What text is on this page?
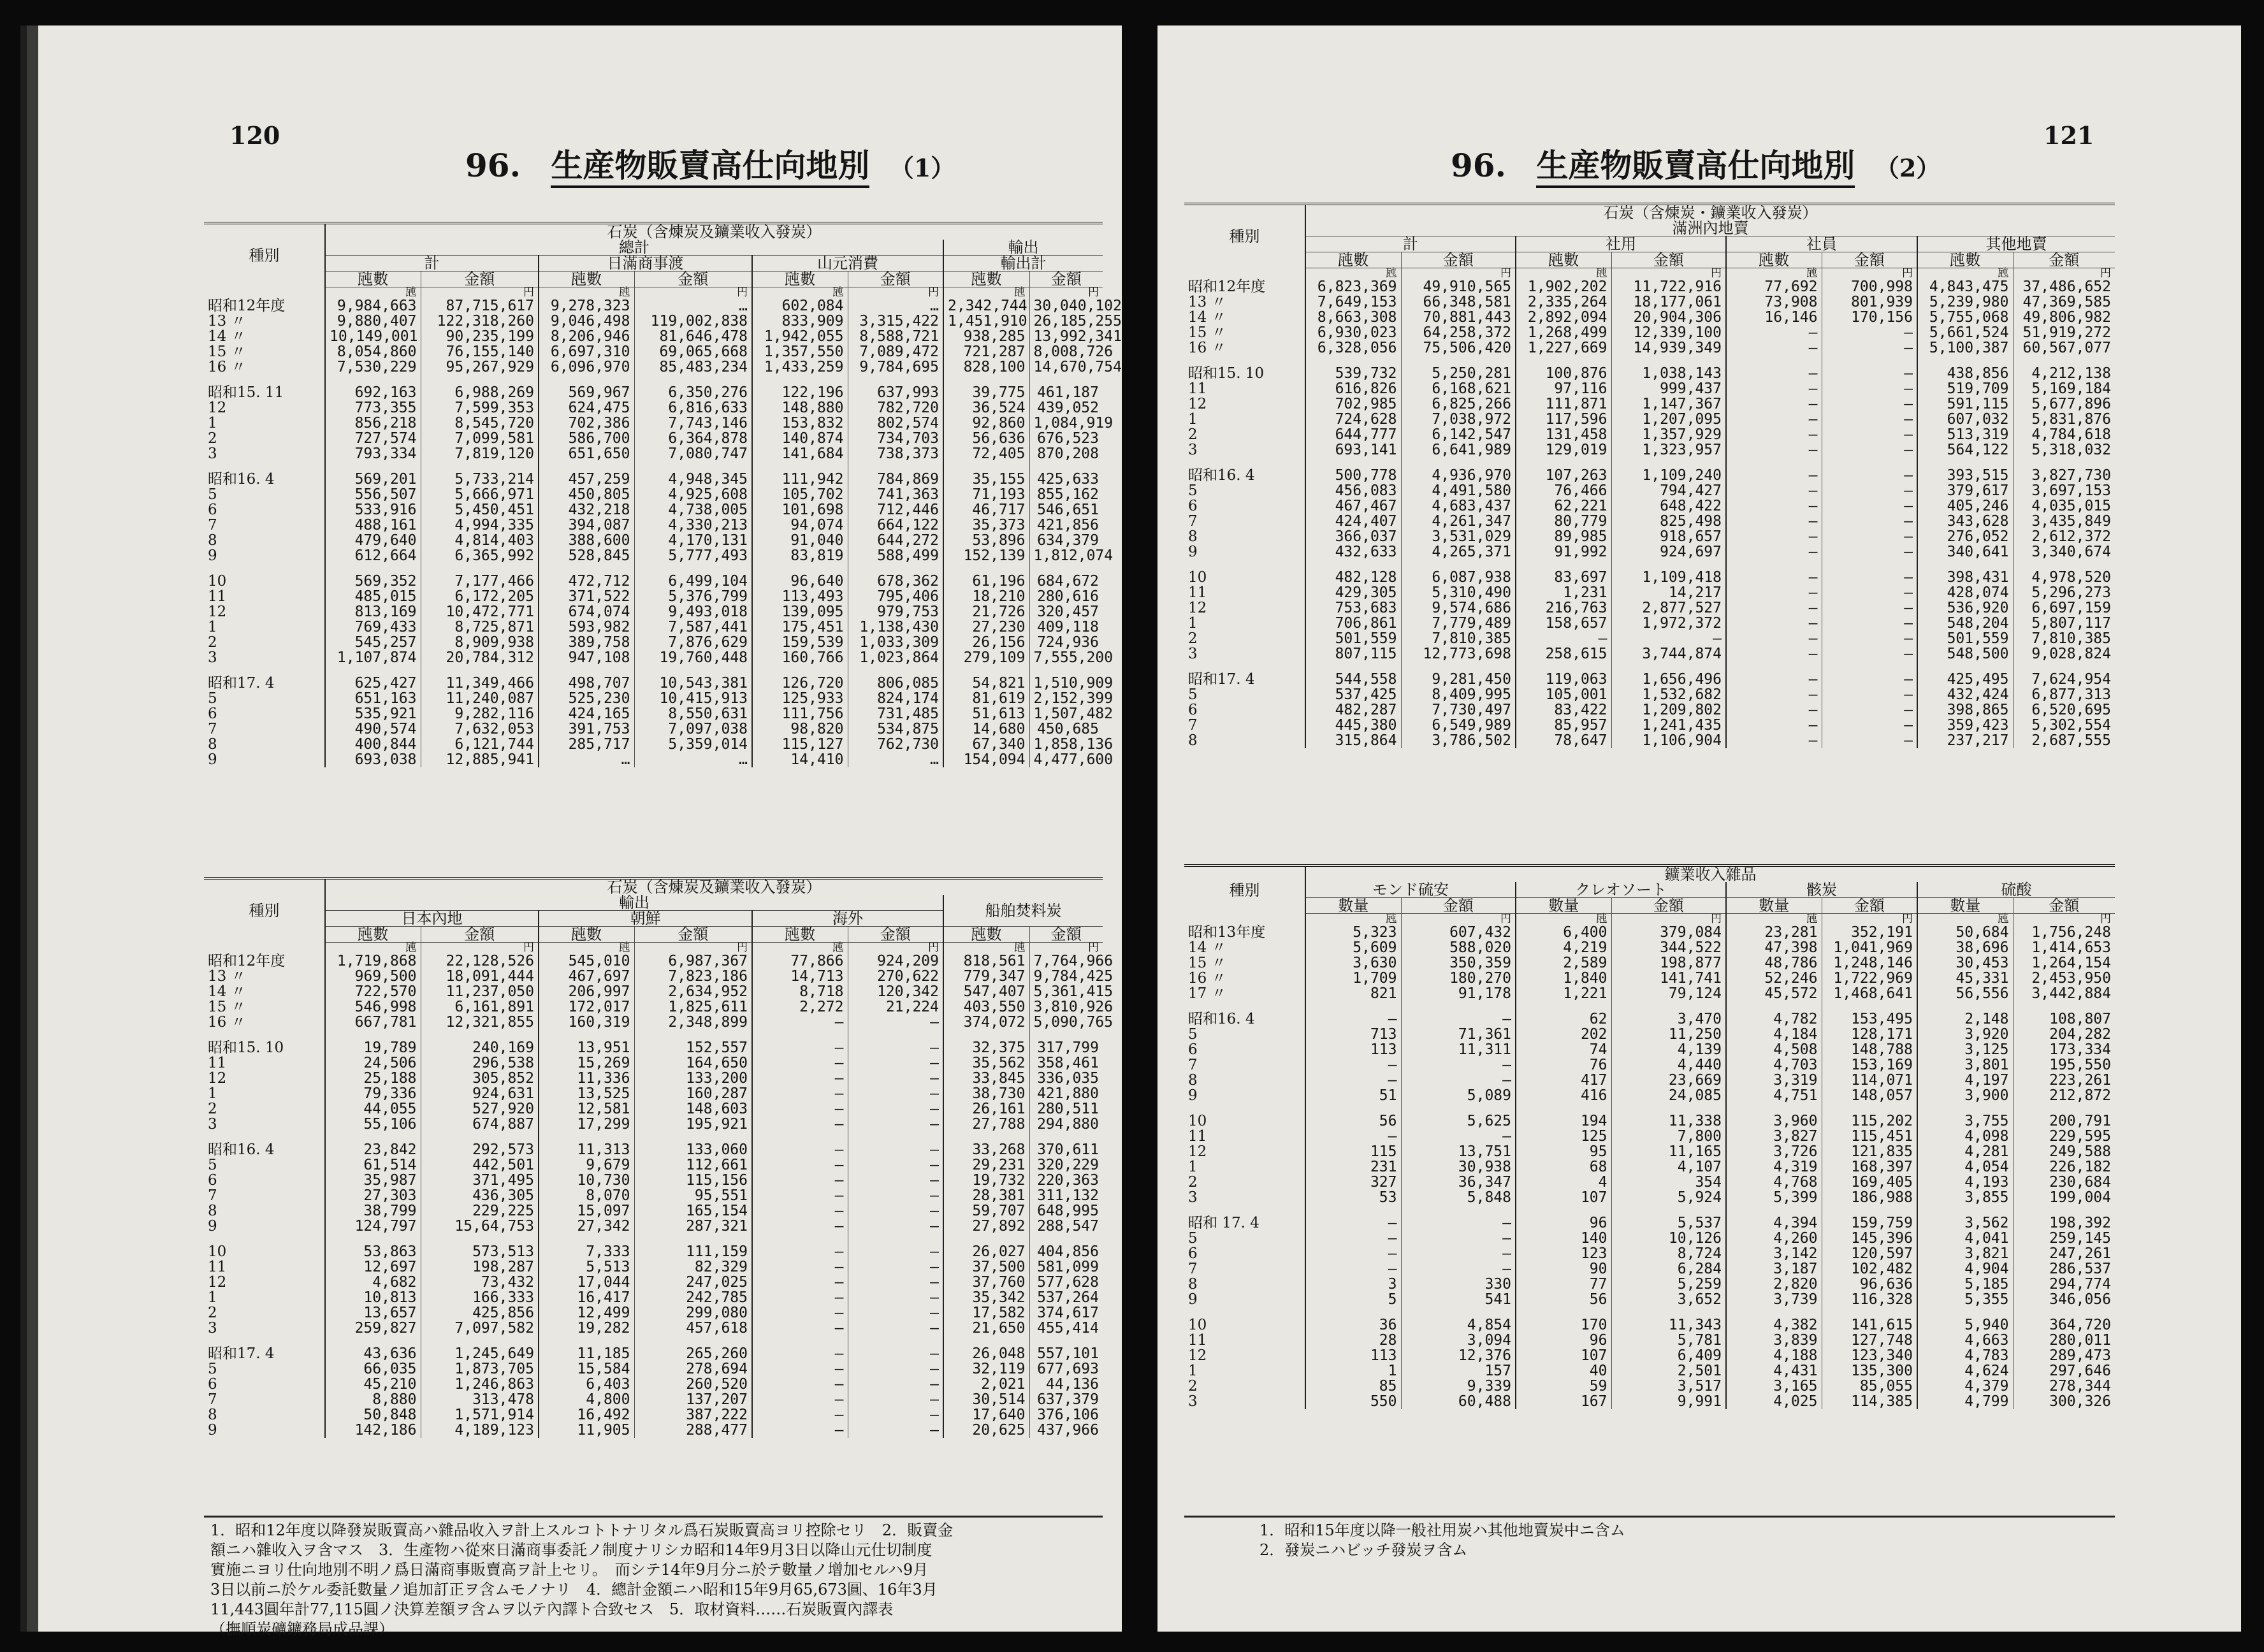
120
96. 生産物販賣高仕向地別 （1）
種別	石炭（含煉炭及鑛業收入發炭）							
	總計						輸出	
	計		日滿商事渡		山元消費		輸出計	
	瓲數	金額	瓲數	金額	瓲數	金額	瓲數	金額
	瓲	円	瓲	円	瓲	円	瓲	円
昭和12年度	9,984,663	87,715,617	9,278,323	…	602,084	…	2,342,744	30,040,102
13 〃	9,880,407	122,318,260	9,046,498	119,002,838	833,909	3,315,422	1,451,910	26,185,255
14 〃	10,149,001	90,235,199	8,206,946	81,646,478	1,942,055	8,588,721	938,285	13,992,341
15 〃	8,054,860	76,155,140	6,697,310	69,065,668	1,357,550	7,089,472	721,287	8,008,726
16 〃	7,530,229	95,267,929	6,096,970	85,483,234	1,433,259	9,784,695	828,100	14,670,754

昭和15. 11	692,163	6,988,269	569,967	6,350,276	122,196	637,993	39,775	461,187
12	773,355	7,599,353	624,475	6,816,633	148,880	782,720	36,524	439,052
1	856,218	8,545,720	702,386	7,743,146	153,832	802,574	92,860	1,084,919
2	727,574	7,099,581	586,700	6,364,878	140,874	734,703	56,636	676,523
3	793,334	7,819,120	651,650	7,080,747	141,684	738,373	72,405	870,208

昭和16. 4	569,201	5,733,214	457,259	4,948,345	111,942	784,869	35,155	425,633
5	556,507	5,666,971	450,805	4,925,608	105,702	741,363	71,193	855,162
6	533,916	5,450,451	432,218	4,738,005	101,698	712,446	46,717	546,651
7	488,161	4,994,335	394,087	4,330,213	94,074	664,122	35,373	421,856
8	479,640	4,814,403	388,600	4,170,131	91,040	644,272	53,896	634,379
9	612,664	6,365,992	528,845	5,777,493	83,819	588,499	152,139	1,812,074

10	569,352	7,177,466	472,712	6,499,104	96,640	678,362	61,196	684,672
11	485,015	6,172,205	371,522	5,376,799	113,493	795,406	18,210	280,616
12	813,169	10,472,771	674,074	9,493,018	139,095	979,753	21,726	320,457
1	769,433	8,725,871	593,982	7,587,441	175,451	1,138,430	27,230	409,118
2	545,257	8,909,938	389,758	7,876,629	159,539	1,033,309	26,156	724,936
3	1,107,874	20,784,312	947,108	19,760,448	160,766	1,023,864	279,109	7,555,200

昭和17. 4	625,427	11,349,466	498,707	10,543,381	126,720	806,085	54,821	1,510,909
5	651,163	11,240,087	525,230	10,415,913	125,933	824,174	81,619	2,152,399
6	535,921	9,282,116	424,165	8,550,631	111,756	731,485	51,613	1,507,482
7	490,574	7,632,053	391,753	7,097,038	98,820	534,875	14,680	450,685
8	400,844	6,121,744	285,717	5,359,014	115,127	762,730	67,340	1,858,136
9	693,038	12,885,941	…	…	14,410	…	154,094	4,477,600
種別	石炭（含煉炭及鑛業收入發炭）							
	輸出						船舶焚料炭	
	日本內地		朝鮮		海外			
	瓲數	金額	瓲數	金額	瓲數	金額	瓲數	金額
	瓲	円	瓲	円	瓲	円	瓲	円
昭和12年度	1,719,868	22,128,526	545,010	6,987,367	77,866	924,209	818,561	7,764,966
13 〃	969,500	18,091,444	467,697	7,823,186	14,713	270,622	779,347	9,784,425
14 〃	722,570	11,237,050	206,997	2,634,952	8,718	120,342	547,407	5,361,415
15 〃	546,998	6,161,891	172,017	1,825,611	2,272	21,224	403,550	3,810,926
16 〃	667,781	12,321,855	160,319	2,348,899	—	—	374,072	5,090,765

昭和15. 10	19,789	240,169	13,951	152,557	—	—	32,375	317,799
11	24,506	296,538	15,269	164,650	—	—	35,562	358,461
12	25,188	305,852	11,336	133,200	—	—	33,845	336,035
1	79,336	924,631	13,525	160,287	—	—	38,730	421,880
2	44,055	527,920	12,581	148,603	—	—	26,161	280,511
3	55,106	674,887	17,299	195,921	—	—	27,788	294,880

昭和16. 4	23,842	292,573	11,313	133,060	—	—	33,268	370,611
5	61,514	442,501	9,679	112,661	—	—	29,231	320,229
6	35,987	371,495	10,730	115,156	—	—	19,732	220,363
7	27,303	436,305	8,070	95,551	—	—	28,381	311,132
8	38,799	229,225	15,097	165,154	—	—	59,707	648,995
9	124,797	15,64,753	27,342	287,321	—	—	27,892	288,547

10	53,863	573,513	7,333	111,159	—	—	26,027	404,856
11	12,697	198,287	5,513	82,329	—	—	37,500	581,099
12	4,682	73,432	17,044	247,025	—	—	37,760	577,628
1	10,813	166,333	16,417	242,785	—	—	35,342	537,264
2	13,657	425,856	12,499	299,080	—	—	17,582	374,617
3	259,827	7,097,582	19,282	457,618	—	—	21,650	455,414

昭和17. 4	43,636	1,245,649	11,185	265,260	—	—	26,048	557,101
5	66,035	1,873,705	15,584	278,694	—	—	32,119	677,693
6	45,210	1,246,863	6,403	260,520	—	—	2,021	44,136
7	8,880	313,478	4,800	137,207	—	—	30,514	637,379
8	50,848	1,571,914	16,492	387,222	—	—	17,640	376,106
9	142,186	4,189,123	11,905	288,477	—	—	20,625	437,966

1．昭和12年度以降發炭販賣高ハ雜品收入ヲ計上スルコトトナリタル爲石炭販賣高ヨリ控除セリ　2．販賣金

額ニハ雜收入ヲ含マス　3．生產物ハ從來日滿商事委託ノ制度ナリシカ昭和14年9月3日以降山元仕切制度

實施ニヨリ仕向地別不明ノ爲日滿商事販賣高ヲ計上セリ。　而シテ14年9月分ニ於テ數量ノ增加セルハ9月

3日以前ニ於ケル委託數量ノ追加訂正ヲ含ムモノナリ　4．總計金額ニハ昭和15年9月65,673圓、16年3月

11,443圓年計77,115圓ノ決算差額ヲ含ムヲ以テ內譯ト合致セス　5．取材資料……石炭販賣內譯表

（撫順炭礦鑛務局成品課）

121
96. 生産物販賣高仕向地別 （2）
種別	石炭（含煉炭・鑛業收入發炭）							
	滿洲內地賣							
	計		社用		社員		其他地賣	
	瓲數	金額	瓲數	金額	瓲數	金額	瓲數	金額
	瓲	円	瓲	円	瓲	円	瓲	円
昭和12年度	6,823,369	49,910,565	1,902,202	11,722,916	77,692	700,998	4,843,475	37,486,652
13 〃	7,649,153	66,348,581	2,335,264	18,177,061	73,908	801,939	5,239,980	47,369,585
14 〃	8,663,308	70,881,443	2,892,094	20,904,306	16,146	170,156	5,755,068	49,806,982
15 〃	6,930,023	64,258,372	1,268,499	12,339,100	—	—	5,661,524	51,919,272
16 〃	6,328,056	75,506,420	1,227,669	14,939,349	—	—	5,100,387	60,567,077

昭和15. 10	539,732	5,250,281	100,876	1,038,143	—	—	438,856	4,212,138
11	616,826	6,168,621	97,116	999,437	—	—	519,709	5,169,184
12	702,985	6,825,266	111,871	1,147,367	—	—	591,115	5,677,896
1	724,628	7,038,972	117,596	1,207,095	—	—	607,032	5,831,876
2	644,777	6,142,547	131,458	1,357,929	—	—	513,319	4,784,618
3	693,141	6,641,989	129,019	1,323,957	—	—	564,122	5,318,032

昭和16. 4	500,778	4,936,970	107,263	1,109,240	—	—	393,515	3,827,730
5	456,083	4,491,580	76,466	794,427	—	—	379,617	3,697,153
6	467,467	4,683,437	62,221	648,422	—	—	405,246	4,035,015
7	424,407	4,261,347	80,779	825,498	—	—	343,628	3,435,849
8	366,037	3,531,029	89,985	918,657	—	—	276,052	2,612,372
9	432,633	4,265,371	91,992	924,697	—	—	340,641	3,340,674

10	482,128	6,087,938	83,697	1,109,418	—	—	398,431	4,978,520
11	429,305	5,310,490	1,231	14,217	—	—	428,074	5,296,273
12	753,683	9,574,686	216,763	2,877,527	—	—	536,920	6,697,159
1	706,861	7,779,489	158,657	1,972,372	—	—	548,204	5,807,117
2	501,559	7,810,385	—	—	—	—	501,559	7,810,385
3	807,115	12,773,698	258,615	3,744,874	—	—	548,500	9,028,824

昭和17. 4	544,558	9,281,450	119,063	1,656,496	—	—	425,495	7,624,954
5	537,425	8,409,995	105,001	1,532,682	—	—	432,424	6,877,313
6	482,287	7,730,497	83,422	1,209,802	—	—	398,865	6,520,695
7	445,380	6,549,989	85,957	1,241,435	—	—	359,423	5,302,554
8	315,864	3,786,502	78,647	1,106,904	—	—	237,217	2,687,555
種別	鑛業收入雜品							
	モンド硫安		クレオソート		骸炭		硫酸	
	數量	金額	數量	金額	數量	金額	數量	金額
	瓲	円	瓲	円	瓲	円	瓲	円
昭和13年度	5,323	607,432	6,400	379,084	23,281	352,191	50,684	1,756,248
14 〃	5,609	588,020	4,219	344,522	47,398	1,041,969	38,696	1,414,653
15 〃	3,630	350,359	2,589	198,877	48,786	1,248,146	30,453	1,264,154
16 〃	1,709	180,270	1,840	141,741	52,246	1,722,969	45,331	2,453,950
17 〃	821	91,178	1,221	79,124	45,572	1,468,641	56,556	3,442,884

昭和16. 4	—	—	62	3,470	4,782	153,495	2,148	108,807
5	713	71,361	202	11,250	4,184	128,171	3,920	204,282
6	113	11,311	74	4,139	4,508	148,788	3,125	173,334
7	—	—	76	4,440	4,703	153,169	3,801	195,550
8	—	—	417	23,669	3,319	114,071	4,197	223,261
9	51	5,089	416	24,085	4,751	148,057	3,900	212,872

10	56	5,625	194	11,338	3,960	115,202	3,755	200,791
11	—	—	125	7,800	3,827	115,451	4,098	229,595
12	115	13,751	95	11,165	3,726	121,835	4,281	249,588
1	231	30,938	68	4,107	4,319	168,397	4,054	226,182
2	327	36,347	4	354	4,768	169,405	4,193	230,684
3	53	5,848	107	5,924	5,399	186,988	3,855	199,004

昭和 17. 4	—	—	96	5,537	4,394	159,759	3,562	198,392
5	—	—	140	10,126	4,260	145,396	4,041	259,145
6	—	—	123	8,724	3,142	120,597	3,821	247,261
7	—	—	90	6,284	3,187	102,482	4,904	286,537
8	3	330	77	5,259	2,820	96,636	5,185	294,774
9	5	541	56	3,652	3,739	116,328	5,355	346,056

10	36	4,854	170	11,343	4,382	141,615	5,940	364,720
11	28	3,094	96	5,781	3,839	127,748	4,663	280,011
12	113	12,376	107	6,409	4,188	123,340	4,783	289,473
1	1	157	40	2,501	4,431	135,300	4,624	297,646
2	85	9,339	59	3,517	3,165	85,055	4,379	278,344
3	550	60,488	167	9,991	4,025	114,385	4,799	300,326

1．昭和15年度以降一般社用炭ハ其他地賣炭中ニ含ム

2．發炭ニハビッチ發炭ヲ含ム
